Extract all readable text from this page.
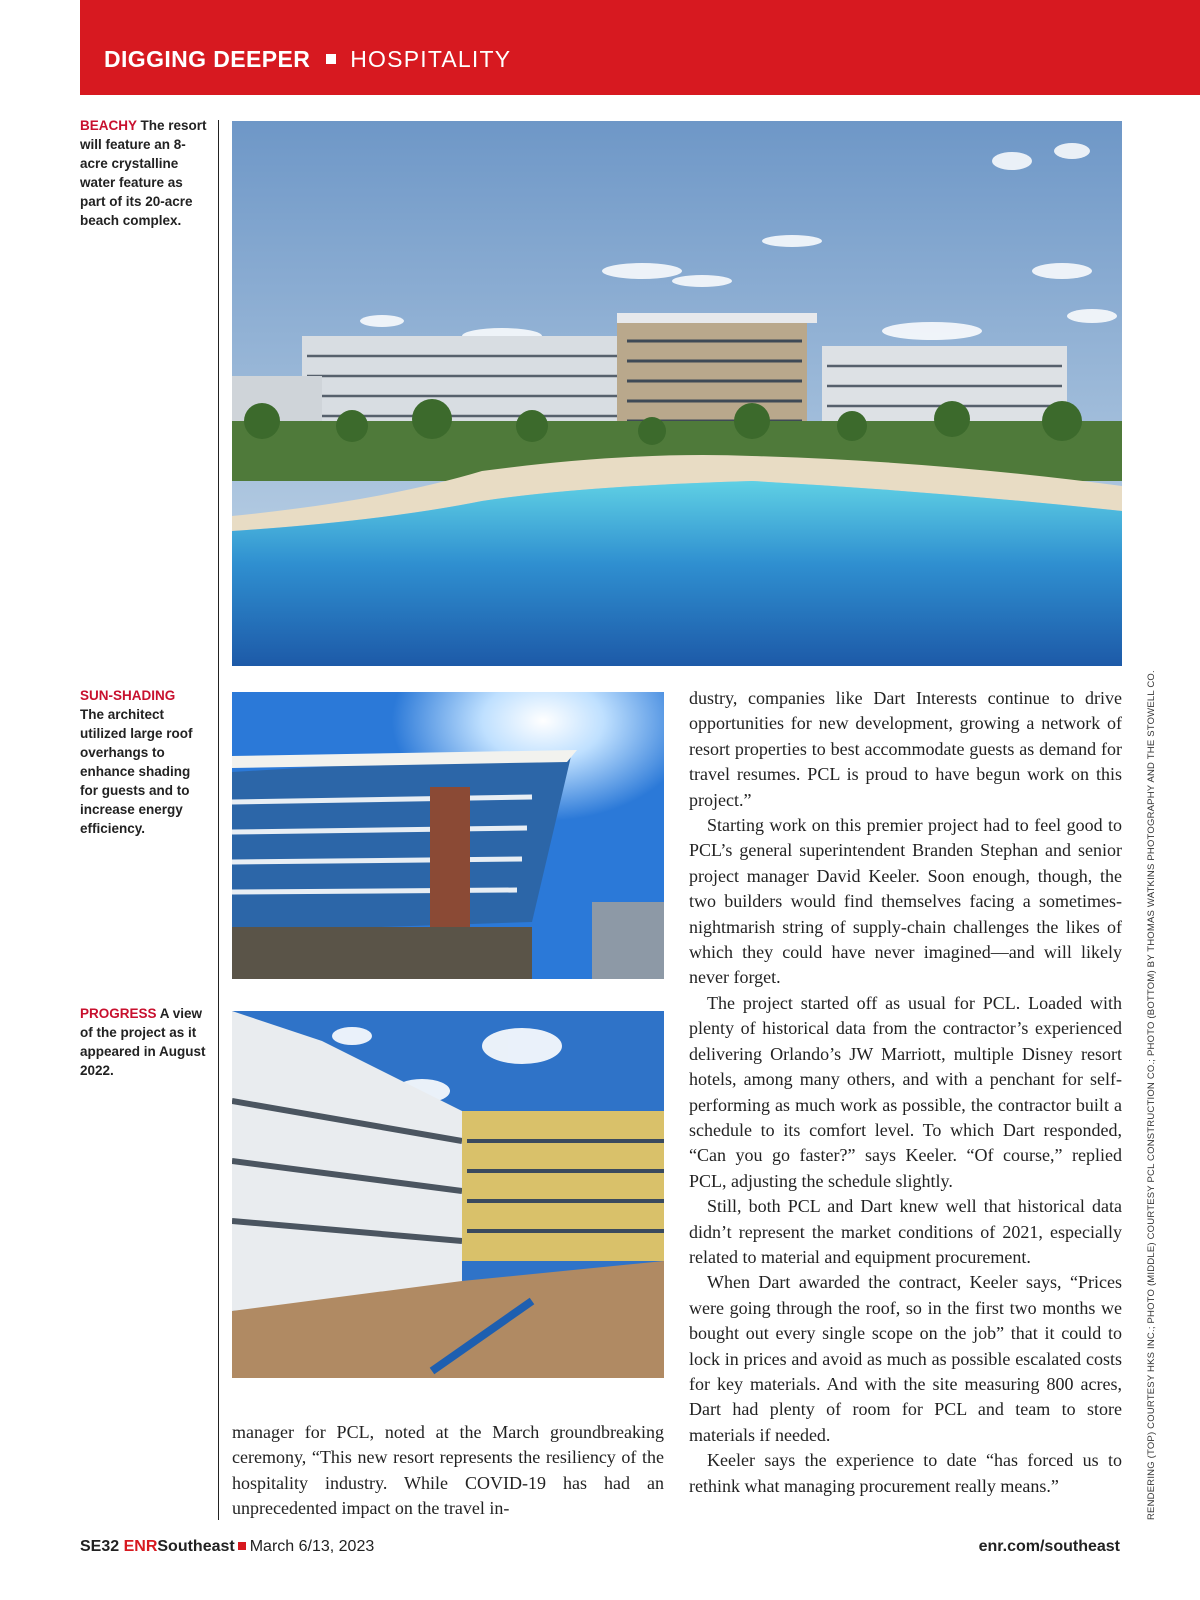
DIGGING DEEPER HOSPITALITY
BEACHY The resort will feature an 8-acre crystalline water feature as part of its 20-acre beach complex.
SUN-SHADING
The architect utilized large roof overhangs to enhance shading for guests and to increase energy efficiency.
PROGRESS A view of the project as it appeared in August 2022.

manager for PCL, noted at the March groundbreaking ceremony, “This new resort represents the resiliency of the hospitality industry. While COVID-19 has had an unprecedented impact on the travel in-

dustry, companies like Dart Interests continue to drive opportunities for new development, growing a network of resort properties to best accommodate guests as demand for travel resumes. PCL is proud to have begun work on this project.”

Starting work on this premier project had to feel good to PCL’s general superintendent Branden Stephan and senior project manager David Keeler. Soon enough, though, the two builders would find themselves facing a sometimes-nightmarish string of supply-chain challenges the likes of which they could have never imagined—and will likely never forget.

The project started off as usual for PCL. Loaded with plenty of historical data from the contractor’s experienced delivering Orlando’s JW Marriott, multiple Disney resort hotels, among many others, and with a penchant for self-performing as much work as possible, the contractor built a schedule to its comfort level. To which Dart responded, “Can you go faster?” says Keeler. “Of course,” replied PCL, adjusting the schedule slightly.

Still, both PCL and Dart knew well that historical data didn’t represent the market conditions of 2021, especially related to material and equipment procurement.

When Dart awarded the contract, Keeler says, “Prices were going through the roof, so in the first two months we bought out every single scope on the job” that it could to lock in prices and avoid as much as possible escalated costs for key materials. And with the site measuring 800 acres, Dart had plenty of room for PCL and team to store materials if needed.

Keeler says the experience to date “has forced us to rethink what managing procurement really means.”	RENDERING (TOP) COURTESY HKS INC.; PHOTO (MIDDLE) COURTESY PCL CONSTRUCTION CO.; PHOTO (BOTTOM) BY THOMAS WATKINS PHOTOGRAPHY AND THE STOWELL CO.
SE32 ENRSoutheast March 6/13, 2023	enr.com/southeast
